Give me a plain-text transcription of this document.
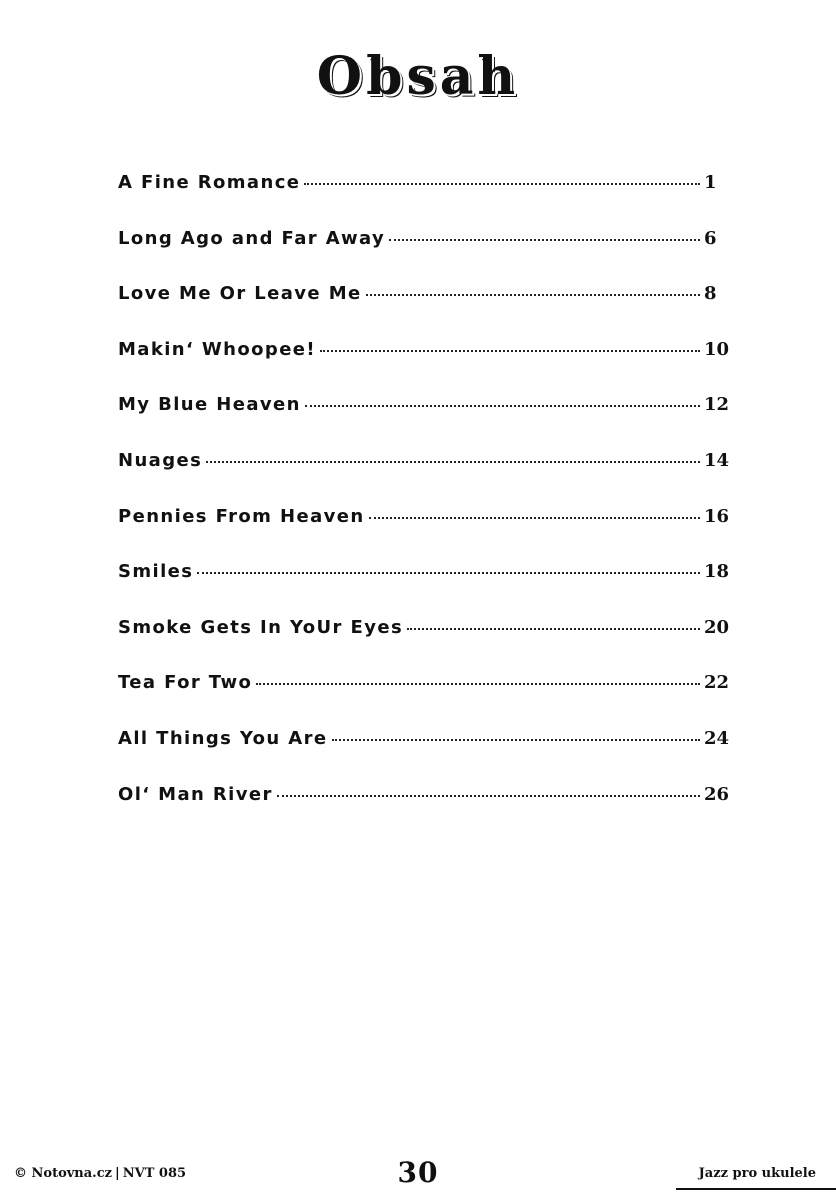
Obsah
A Fine Romance	1
Long Ago and Far Away	6
Love Me Or Leave Me	8
Makin‘ Whoopee!	10
My Blue Heaven	12
Nuages	14
Pennies From Heaven	16
Smiles	18
Smoke Gets In YoUr Eyes	20
Tea For Two	22
All Things You Are	24
Ol‘ Man River	26
© Notovna.cz | NVT 085	30	Jazz pro ukulele
